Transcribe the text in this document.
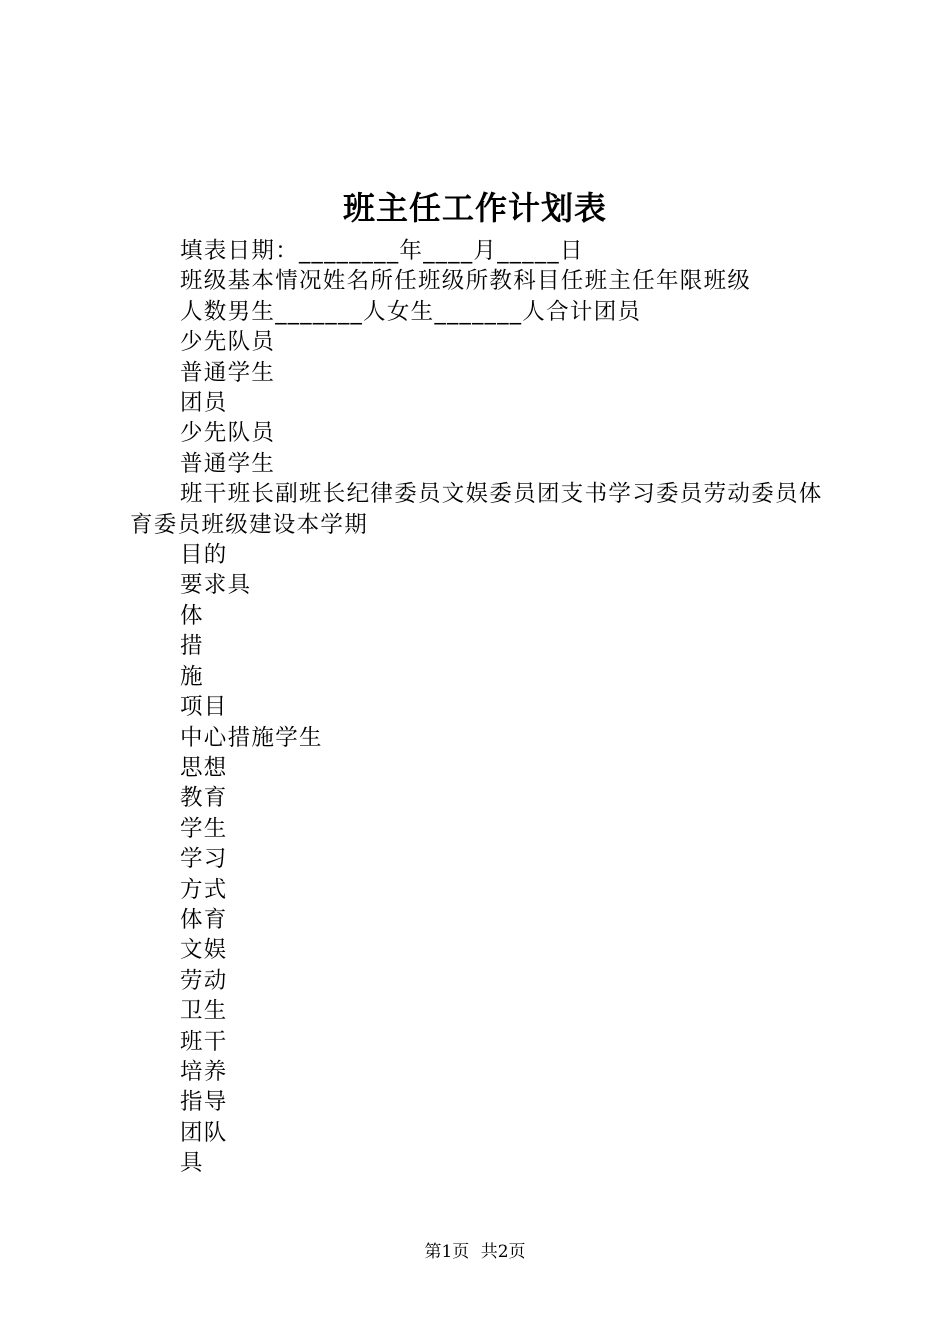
班主任工作计划表

填表日期：________年____月_____日

班级基本情况姓名所任班级所教科目任班主任年限班级

人数男生_______人女生_______人合计团员

少先队员

普通学生

团员

少先队员

普通学生

班干班长副班长纪律委员文娱委员团支书学习委员劳动委员体育委员班级建设本学期

目的

要求具

体

措

施

项目

中心措施学生

思想

教育

学生

学习

方式

体育

文娱

劳动

卫生

班干

培养

指导

团队

具

第1页 共2页
